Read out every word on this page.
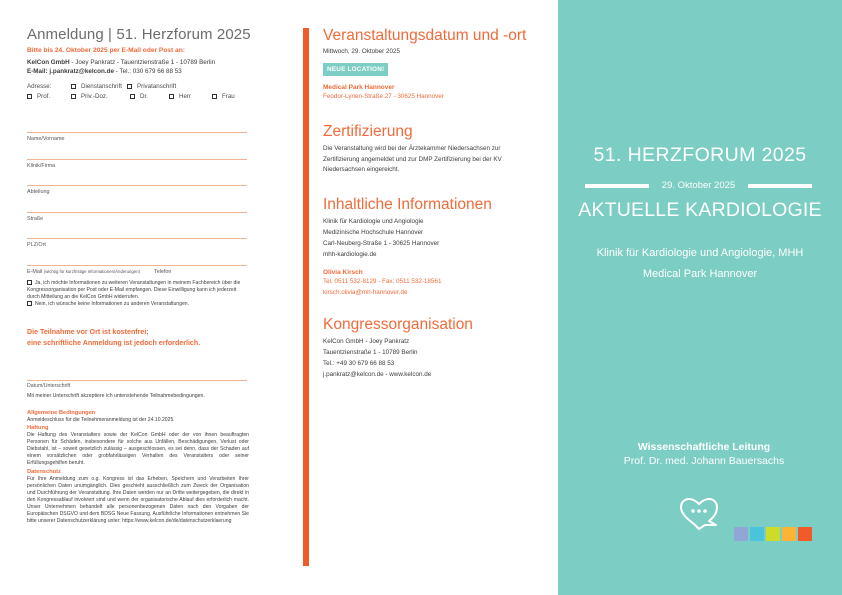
Anmeldung | 51. Herzforum 2025
Bitte bis 24. Oktober 2025 per E-Mail oder Post an:
KelCon GmbH - Joey Pankratz - Tauentzienstraße 1 - 10789 Berlin
E-Mail: j.pankratz@kelcon.de - Tel.: 030 679 66 88 53
Adresse:	Dienstanschrift Privatanschrift
Prof.	Priv.-Doz.	Dr.	Herr	Frau
Name/Vorname
Klinik/Firma
Abteilung
Straße
PLZ/Ort
E-Mail (wichtig für kurzfristige Informationen/Änderungen)	Telefon

Ja, ich möchte Informationen zu weiteren Veranstaltungen in meinem Fachbereich über die Kongressorganisation per Post oder E-Mail empfangen. Diese Einwilligung kann ich jederzeit durch Mitteilung an die KelCon GmbH widerrufen.

Nein, ich wünsche keine Informationen zu anderen Veranstaltungen.

Die Teilnahme vor Ort ist kostenfrei;
eine schriftliche Anmeldung ist jedoch erforderlich.
Datum/Unterschrift
Mit meiner Unterschrift akzeptiere ich untenstehende Teilnahmebedingungen.
Allgemeine Bedingungen

Anmeldeschluss für die Teilnehmeranmeldung ist der 24.10.2025.

Haftung

Die Haftung des Veranstalters sowie der KelCon GmbH oder der von ihnen beauftragten Personen für Schäden, insbesondere für solche aus Unfällen, Beschädigungen, Verlust oder Diebstahl, ist – soweit gesetzlich zulässig – ausgeschlossen, es sei denn, dass der Schaden auf einem vorsätzlichen oder grobfahrlässigen Verhalten des Veranstalters oder seiner Erfüllungsgehilfen beruht.

Datenschutz

Für Ihre Anmeldung zum o.g. Kongress ist das Erheben, Speichern und Verarbeiten Ihrer persönlichen Daten unumgänglich. Dies geschieht ausschließlich zum Zweck der Organisation und Durchführung der Veranstaltung. Ihre Daten werden nur an Dritte weitergegeben, die direkt in den Kongressablauf involviert sind und wenn der organisatorische Ablauf dies erforderlich macht. Unser Unternehmen behandelt alle personenbezogenen Daten nach den Vorgaben der Europäischen DSGVO und dem BDSG Neue Fassung. Ausführliche Informationen entnehmen Sie bitte unserer Datenschutzerklärung unter: https://www.kelcon.de/de/datenschutzerklaerung

Veranstaltungsdatum und -ort
Mittwoch, 29. Oktober 2025
NEUE LOCATION!
Medical Park Hannover
Feodor-Lynen-Straße 27 - 30625 Hannover
Zertifizierung
Die Veranstaltung wird bei der Ärztekammer Niedersachsen zur Zertifizierung angemeldet und zur DMP Zertifizierung bei der KV Niedersachsen eingereicht.
Inhaltliche Informationen
Klinik für Kardiologie und Angiologie
Medizinische Hochschule Hannover
Carl-Neuberg-Straße 1 - 30625 Hannover
mhh-kardiologie.de
Olivia Kirsch
Tel. 0511 532-8129 - Fax: 0511 532-18561
kirsch.olivia@mh-hannover.de
Kongressorganisation
KelCon GmbH - Joey Pankratz
Tauentzienstraße 1 - 10789 Berlin
Tel.: +49 30 679 66 88 53
j.pankratz@kelcon.de - www.kelcon.de
51. HERZFORUM 2025
29. Oktober 2025
AKTUELLE KARDIOLOGIE
Klinik für Kardiologie und Angiologie, MHH
Medical Park Hannover
Wissenschaftliche Leitung
Prof. Dr. med. Johann Bauersachs
